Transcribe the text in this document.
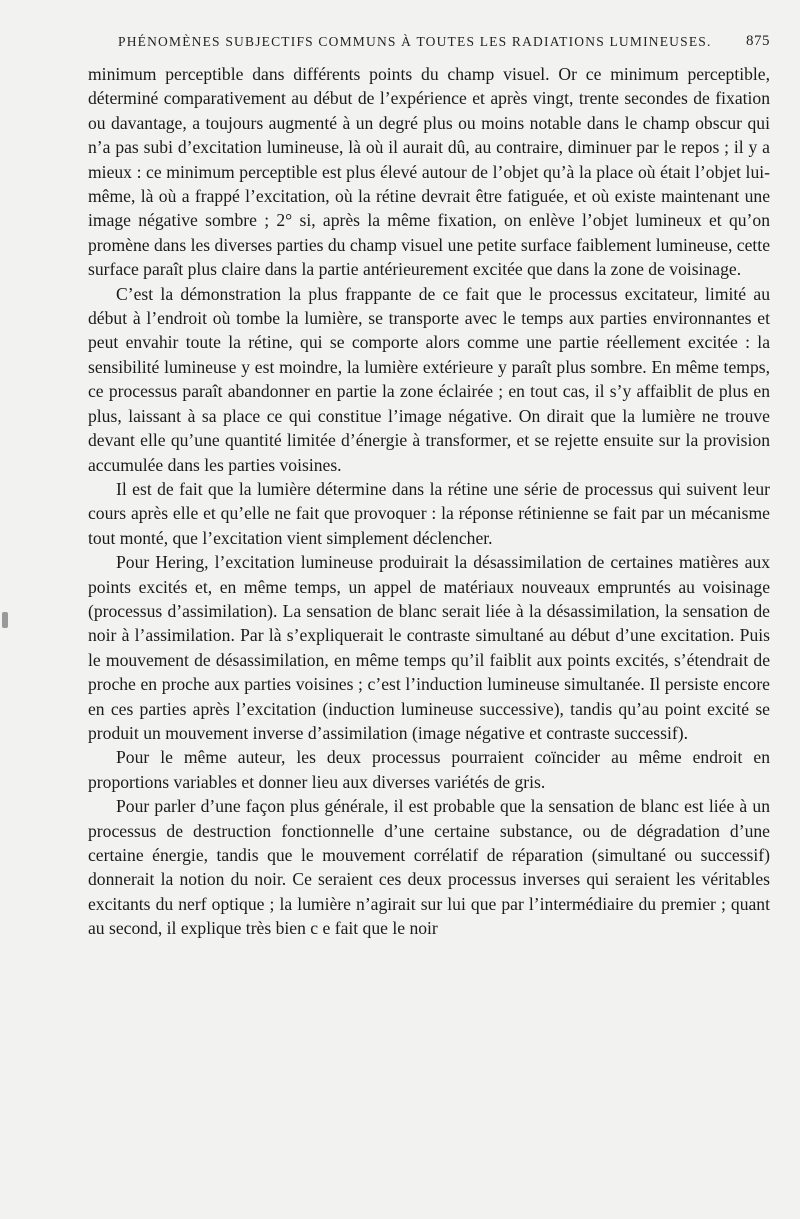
PHÉNOMÈNES SUBJECTIFS COMMUNS À TOUTES LES RADIATIONS LUMINEUSES. 875

minimum perceptible dans différents points du champ visuel. Or ce minimum perceptible, déterminé comparativement au début de l’expérience et après vingt, trente secondes de fixation ou davantage, a toujours augmenté à un degré plus ou moins notable dans le champ obscur qui n’a pas subi d’excitation lumineuse, là où il aurait dû, au contraire, diminuer par le repos ; il y a mieux : ce minimum perceptible est plus élevé autour de l’objet qu’à la place où était l’objet lui-même, là où a frappé l’excitation, où la rétine devrait être fatiguée, et où existe maintenant une image négative sombre ; 2° si, après la même fixation, on enlève l’objet lumineux et qu’on promène dans les diverses parties du champ visuel une petite surface faiblement lumineuse, cette surface paraît plus claire dans la partie antérieurement excitée que dans la zone de voisinage.

C’est la démonstration la plus frappante de ce fait que le processus excitateur, limité au début à l’endroit où tombe la lumière, se transporte avec le temps aux parties environnantes et peut envahir toute la rétine, qui se comporte alors comme une partie réellement excitée : la sensibilité lumineuse y est moindre, la lumière extérieure y paraît plus sombre. En même temps, ce processus paraît abandonner en partie la zone éclairée ; en tout cas, il s’y affaiblit de plus en plus, laissant à sa place ce qui constitue l’image négative. On dirait que la lumière ne trouve devant elle qu’une quantité limitée d’énergie à transformer, et se rejette ensuite sur la provision accumulée dans les parties voisines.

Il est de fait que la lumière détermine dans la rétine une série de processus qui suivent leur cours après elle et qu’elle ne fait que provoquer : la réponse rétinienne se fait par un mécanisme tout monté, que l’excitation vient simplement déclencher.

Pour Hering, l’excitation lumineuse produirait la désassimilation de certaines matières aux points excités et, en même temps, un appel de matériaux nouveaux empruntés au voisinage (processus d’assimilation). La sensation de blanc serait liée à la désassimilation, la sensation de noir à l’assimilation. Par là s’expliquerait le contraste simultané au début d’une excitation. Puis le mouvement de désassimilation, en même temps qu’il faiblit aux points excités, s’étendrait de proche en proche aux parties voisines ; c’est l’induction lumineuse simultanée. Il persiste encore en ces parties après l’excitation (induction lumineuse successive), tandis qu’au point excité se produit un mouvement inverse d’assimilation (image négative et contraste successif).

Pour le même auteur, les deux processus pourraient coïncider au même endroit en proportions variables et donner lieu aux diverses variétés de gris.

Pour parler d’une façon plus générale, il est probable que la sensation de blanc est liée à un processus de destruction fonctionnelle d’une certaine substance, ou de dégradation d’une certaine énergie, tandis que le mouvement corrélatif de réparation (simultané ou successif) donnerait la notion du noir. Ce seraient ces deux processus inverses qui seraient les véritables excitants du nerf optique ; la lumière n’agirait sur lui que par l’intermédiaire du premier ; quant au second, il explique très bien c e fait que le noir
